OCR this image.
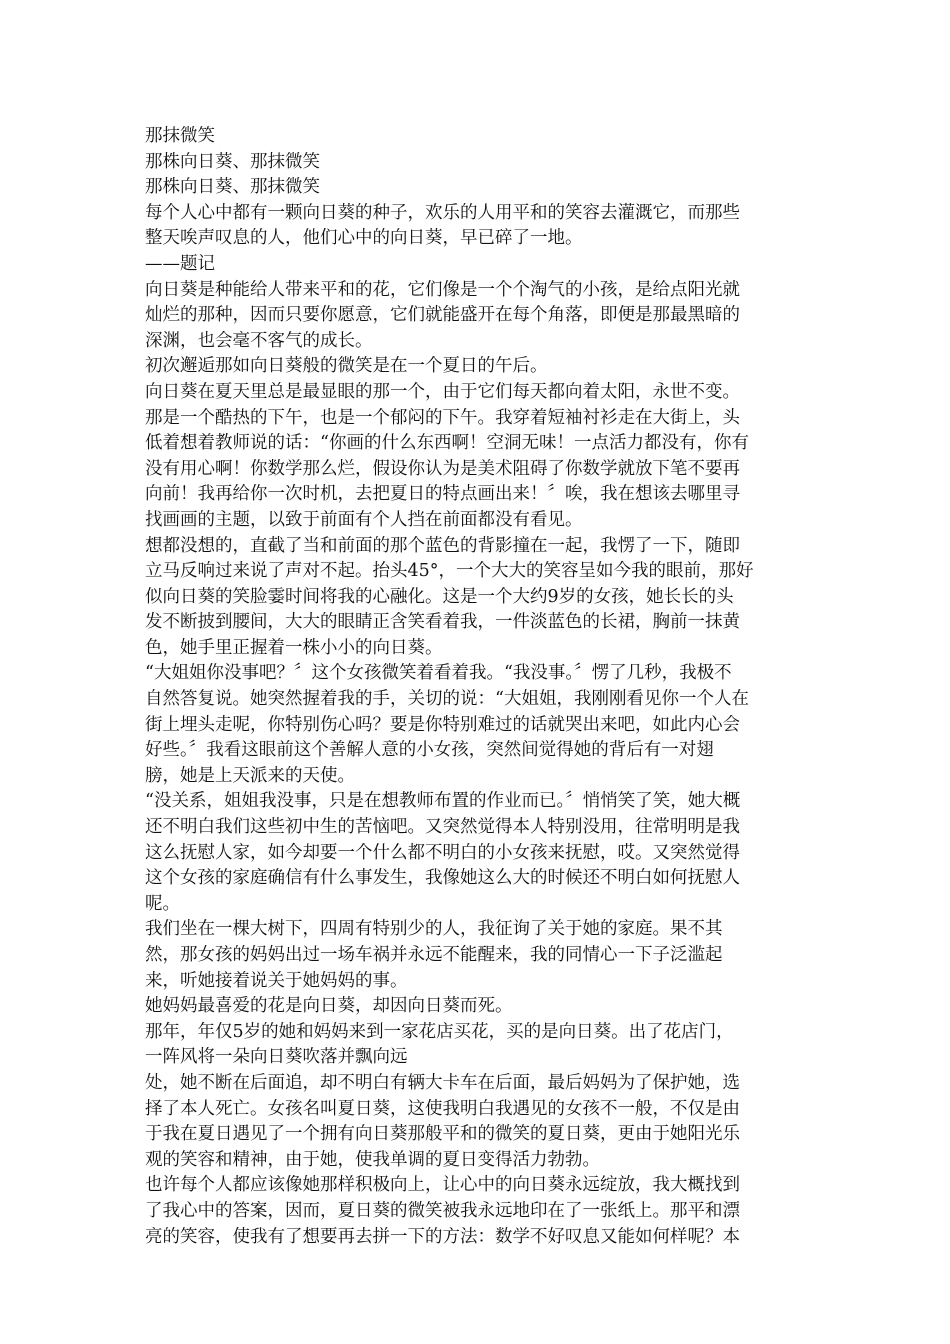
那抹微笑
那株向日葵、那抹微笑
那株向日葵、那抹微笑
每个人心中都有一颗向日葵的种子，欢乐的人用平和的笑容去灌溉它，而那些
整天唉声叹息的人，他们心中的向日葵，早已碎了一地。
——题记
向日葵是种能给人带来平和的花，它们像是一个个淘气的小孩，是给点阳光就
灿烂的那种，因而只要你愿意，它们就能盛开在每个角落，即便是那最黑暗的
深渊，也会毫不客气的成长。
初次邂逅那如向日葵般的微笑是在一个夏日的午后。
向日葵在夏天里总是最显眼的那一个，由于它们每天都向着太阳，永世不变。
那是一个酷热的下午，也是一个郁闷的下午。我穿着短袖衬衫走在大街上，头
低着想着教师说的话：“你画的什么东西啊！空洞无味！一点活力都没有，你有
没有用心啊！你数学那么烂，假设你认为是美术阻碍了你数学就放下笔不要再
向前！我再给你一次时机，去把夏日的特点画出来！〞唉，我在想该去哪里寻
找画画的主题，以致于前面有个人挡在前面都没有看见。
想都没想的，直截了当和前面的那个蓝色的背影撞在一起，我愣了一下，随即
立马反响过来说了声对不起。抬头45°，一个大大的笑容呈如今我的眼前，那好
似向日葵的笑脸霎时间将我的心融化。这是一个大约9岁的女孩，她长长的头
发不断披到腰间，大大的眼睛正含笑看着我，一件淡蓝色的长裙，胸前一抹黄
色，她手里正握着一株小小的向日葵。
“大姐姐你没事吧？〞这个女孩微笑着看着我。“我没事。〞愣了几秒，我极不
自然答复说。她突然握着我的手，关切的说：“大姐姐，我刚刚看见你一个人在
街上埋头走呢，你特别伤心吗？要是你特别难过的话就哭出来吧，如此内心会
好些。〞我看这眼前这个善解人意的小女孩，突然间觉得她的背后有一对翅
膀，她是上天派来的天使。
“没关系，姐姐我没事，只是在想教师布置的作业而已。〞悄悄笑了笑，她大概
还不明白我们这些初中生的苦恼吧。又突然觉得本人特别没用，往常明明是我
这么抚慰人家，如今却要一个什么都不明白的小女孩来抚慰，哎。又突然觉得
这个女孩的家庭确信有什么事发生，我像她这么大的时候还不明白如何抚慰人
呢。
我们坐在一棵大树下，四周有特别少的人，我征询了关于她的家庭。果不其
然，那女孩的妈妈出过一场车祸并永远不能醒来，我的同情心一下子泛滥起
来，听她接着说关于她妈妈的事。
她妈妈最喜爱的花是向日葵，却因向日葵而死。
那年，年仅5岁的她和妈妈来到一家花店买花，买的是向日葵。出了花店门，
一阵风将一朵向日葵吹落并飘向远
处，她不断在后面追，却不明白有辆大卡车在后面，最后妈妈为了保护她，选
择了本人死亡。女孩名叫夏日葵，这使我明白我遇见的女孩不一般，不仅是由
于我在夏日遇见了一个拥有向日葵那般平和的微笑的夏日葵，更由于她阳光乐
观的笑容和精神，由于她，使我单调的夏日变得活力勃勃。
也许每个人都应该像她那样积极向上，让心中的向日葵永远绽放，我大概找到
了我心中的答案，因而，夏日葵的微笑被我永远地印在了一张纸上。那平和漂
亮的笑容，使我有了想要再去拼一下的方法：数学不好叹息又能如何样呢？本
